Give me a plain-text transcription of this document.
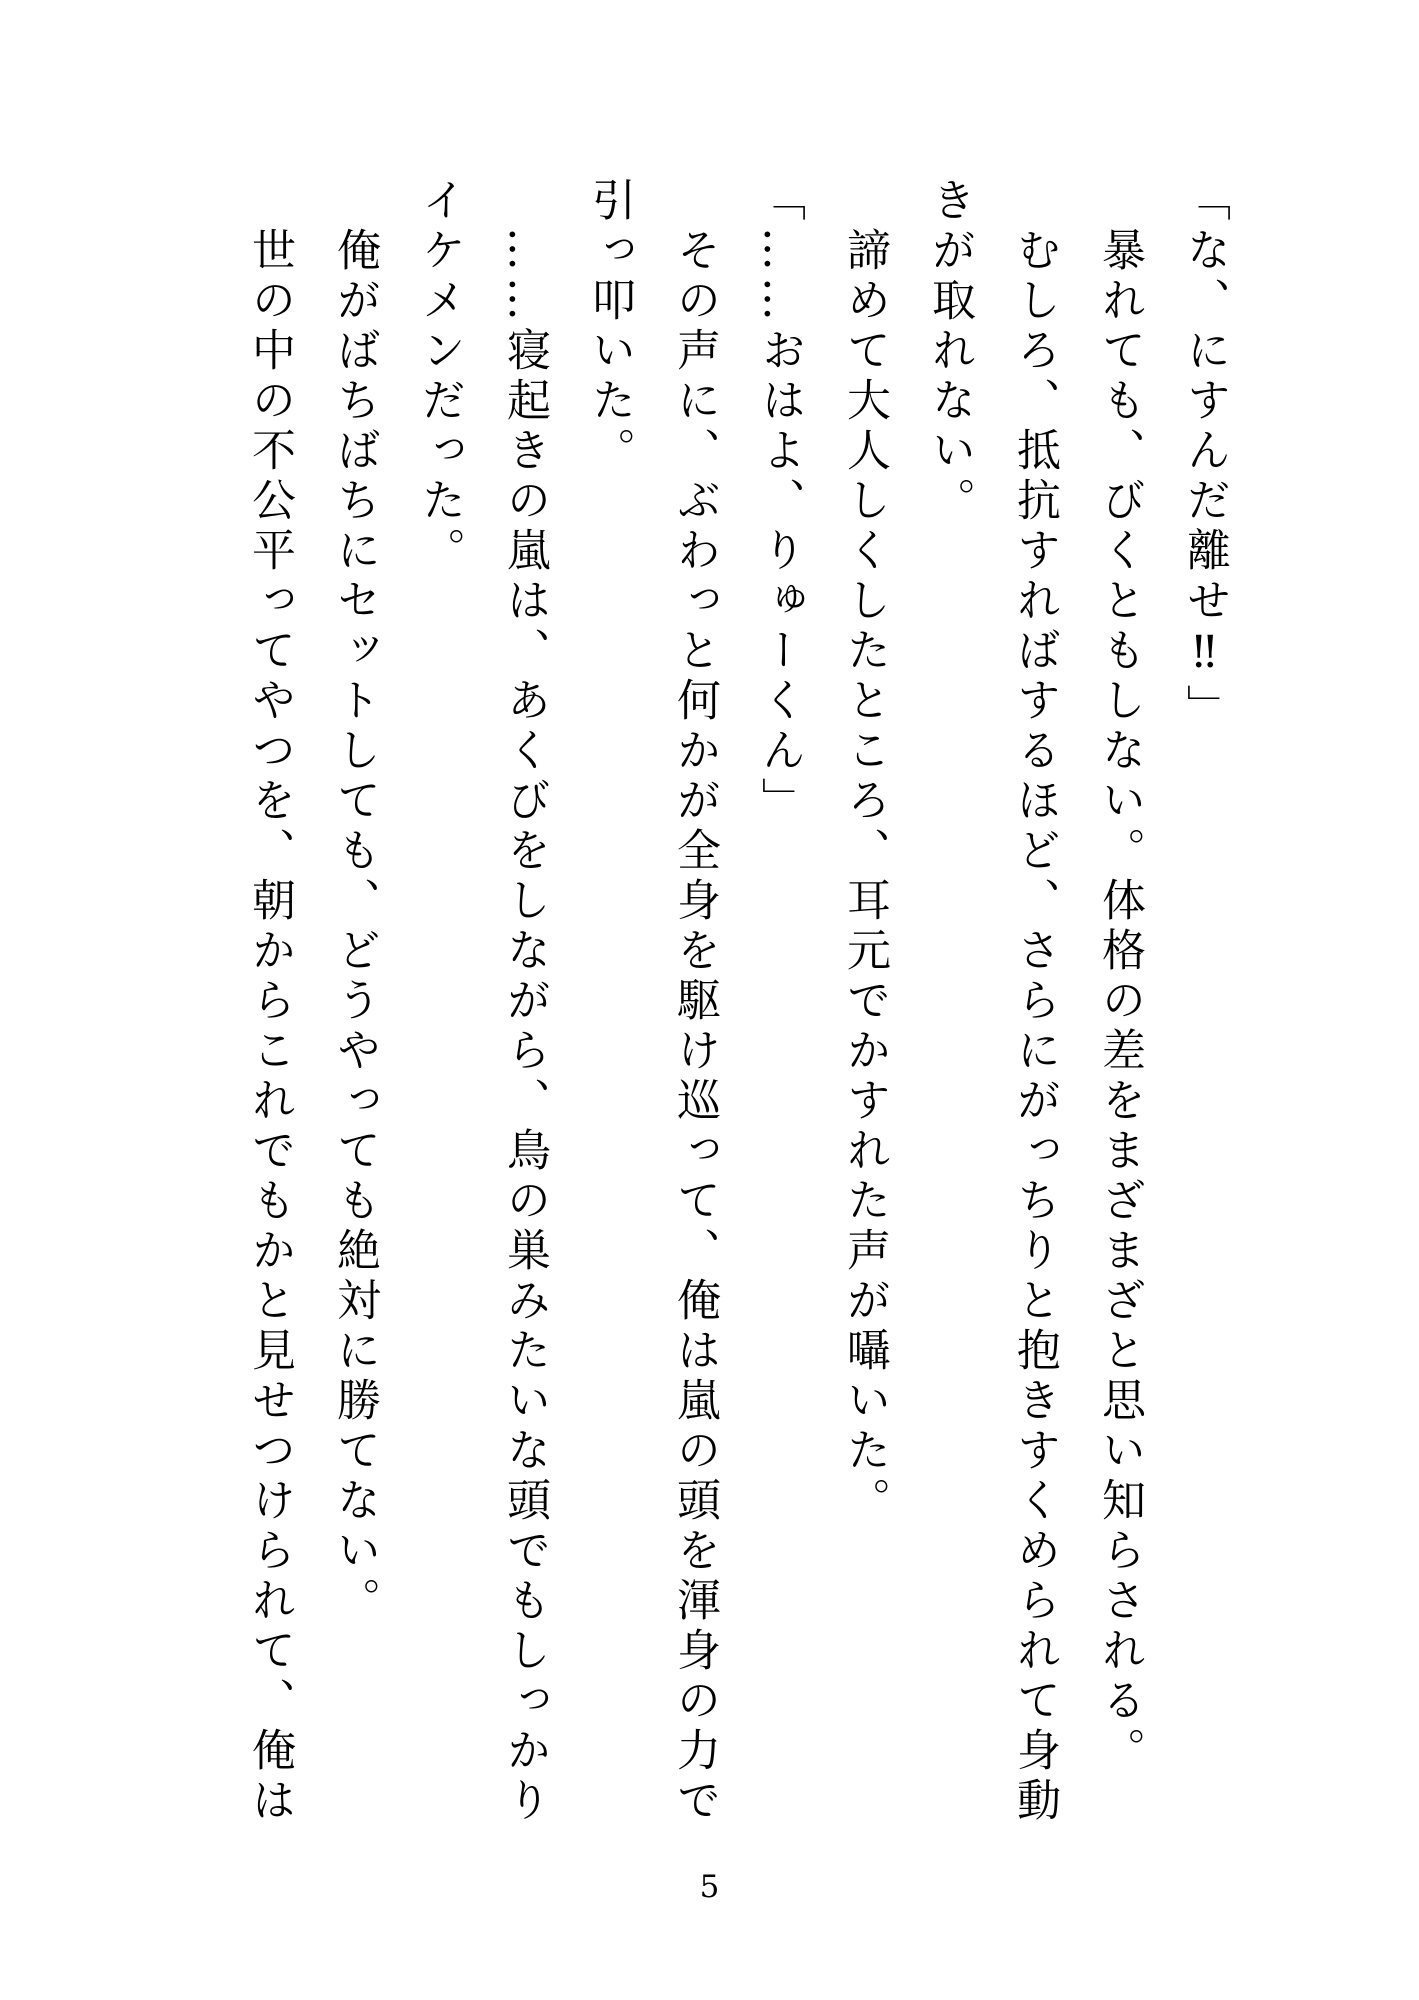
「な、にすんだ離せ‼」

暴れても、びくともしない。体格の差をまざまざと思い知らされる。

むしろ、抵抗すればするほど、さらにがっちりと抱きすくめられて身動きが取れない。

諦めて大人しくしたところ、耳元でかすれた声が囁いた。

「……おはよ、りゅーくん」

その声に、ぶわっと何かが全身を駆け巡って、俺は嵐の頭を渾身の力で引っ叩いた。

……寝起きの嵐は、あくびをしながら、鳥の巣みたいな頭でもしっかりイケメンだった。

俺がばちばちにセットしても、どうやっても絶対に勝てない。

世の中の不公平ってやつを、朝からこれでもかと見せつけられて、俺は

5
